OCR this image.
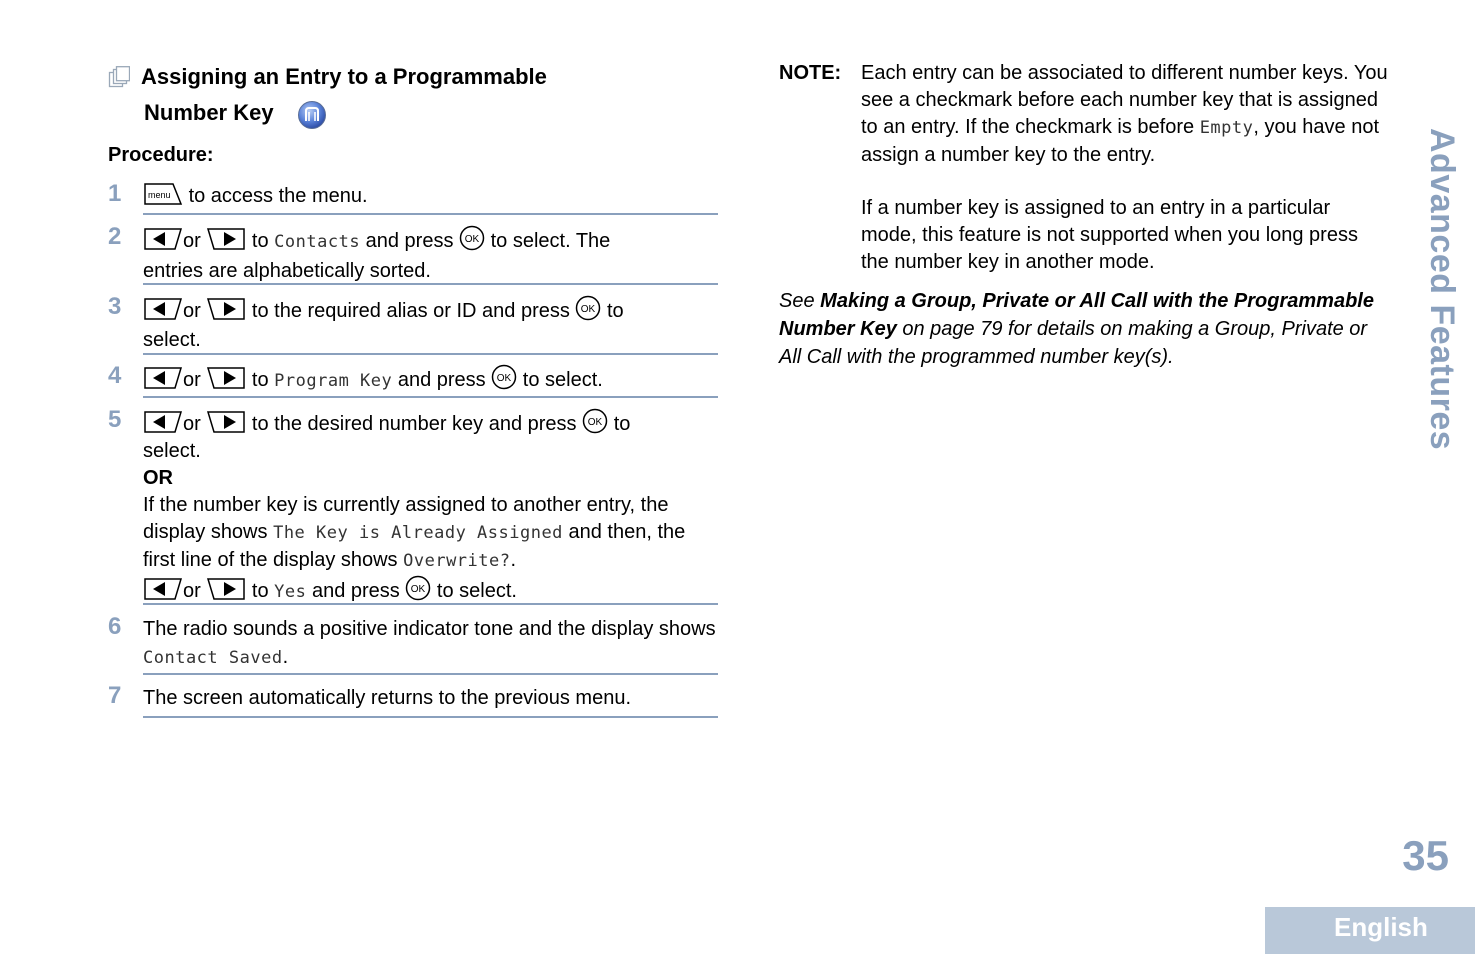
Assigning an Entry to a Programmable
Number Key
Procedure:
1	menu to access the menu.
2	or	to Contacts and press OK to select. The
entries are alphabetically sorted.
3	or	to the required alias or ID and press OK to
select.
4	or	to Program Key and press OK to select.
5	or	to the desired number key and press OK to
select.
OR
If the number key is currently assigned to another entry, the display shows The Key is Already Assigned and then, the first line of the display shows Overwrite?.
or	to Yes and press OK to select.
6 The radio sounds a positive indicator tone and the display shows Contact Saved.
7 The screen automatically returns to the previous menu.
NOTE: Each entry can be associated to different number keys. You see a checkmark before each number key that is assigned to an entry. If the checkmark is before Empty, you have not assign a number key to the entry.
If a number key is assigned to an entry in a particular mode, this feature is not supported when you long press the number key in another mode.
See Making a Group, Private or All Call with the Programmable Number Key on page 79 for details on making a Group, Private or All Call with the programmed number key(s).	Advanced Features
35
English
